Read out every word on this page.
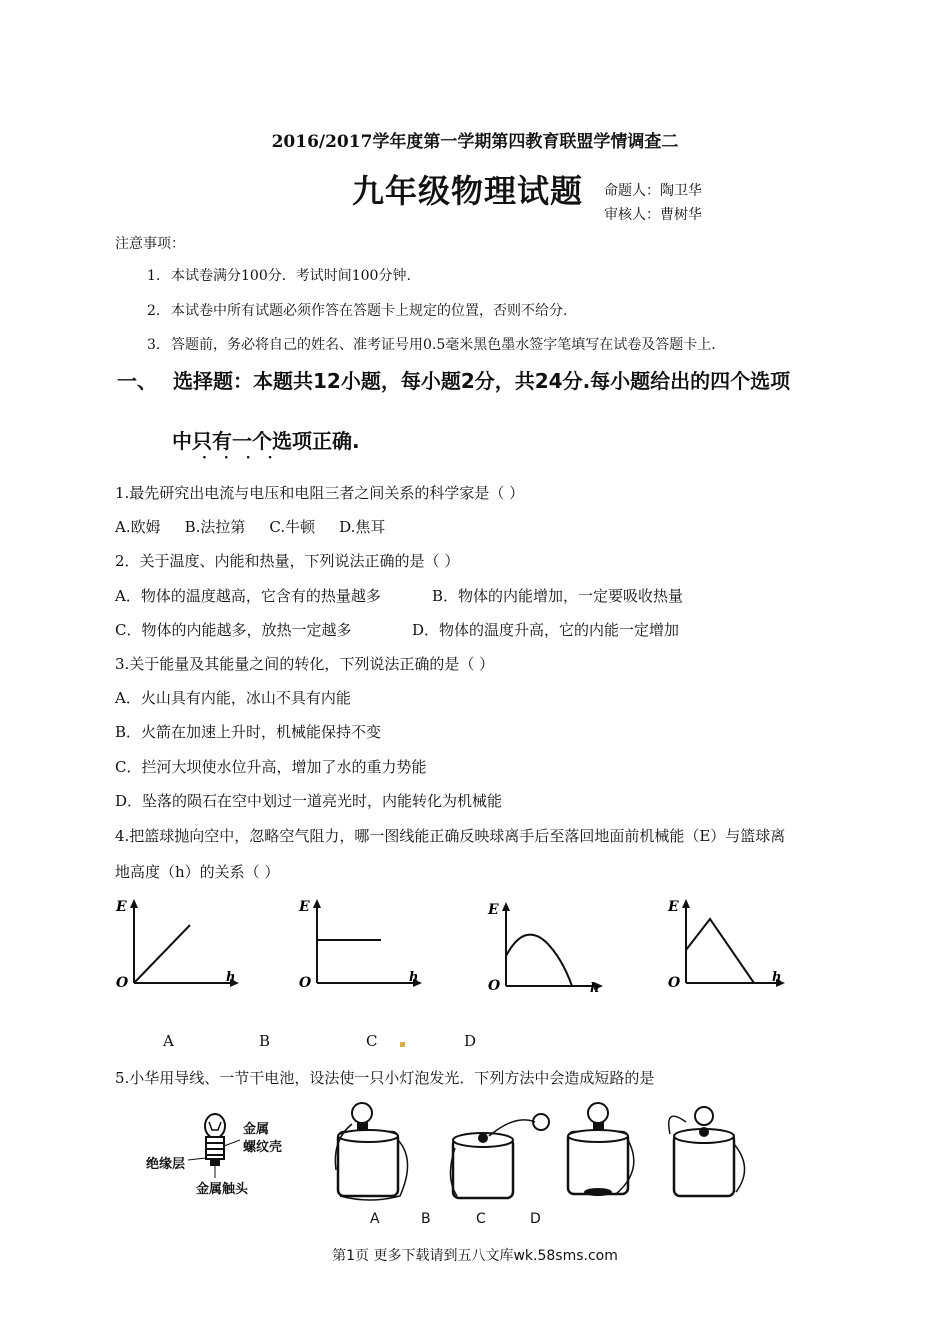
2016/2017学年度第一学期第四教育联盟学情调查二
九年级物理试题 命题人：陶卫华
审核人：曹树华
注意事项：
1. 本试卷满分100分．考试时间100分钟.
2. 本试卷中所有试题必须作答在答题卡上规定的位置，否则不给分.
3. 答题前，务必将自己的姓名、准考证号用0.5毫米黑色墨水签字笔填写在试卷及答题卡上.
一、 选择题：本题共12小题，每小题2分，共24分.每小题给出的四个选项
中只有一个选项正确.
····
1.最先研究出电流与电压和电阻三者之间关系的科学家是（ ）
A.欧姆 B.法拉第 C.牛顿 D.焦耳
2．关于温度、内能和热量，下列说法正确的是（ ）
A．物体的温度越高，它含有的热量越多	B．物体的内能增加，一定要吸收热量
C．物体的内能越多，放热一定越多	D．物体的温度升高，它的内能一定增加
3.关于能量及其能量之间的转化，下列说法正确的是（ ）
A．火山具有内能，冰山不具有内能
B．火箭在加速上升时，机械能保持不变
C．拦河大坝使水位升高，增加了水的重力势能
D．坠落的陨石在空中划过一道亮光时，内能转化为机械能
4.把篮球抛向空中，忽略空气阻力，哪一图线能正确反映球离手后至落回地面前机械能（E）与篮球离
地高度（h）的关系（ ）
E
O	h
E
O	h
E
O	h
E
O	h
A	B	C	D
5.小华用导线、一节干电池，设法使一只小灯泡发光．下列方法中会造成短路的是
金属
螺纹壳
绝缘层
金属触头
A	B	C	D
第1页 更多下载请到五八文库wk.58sms.com
